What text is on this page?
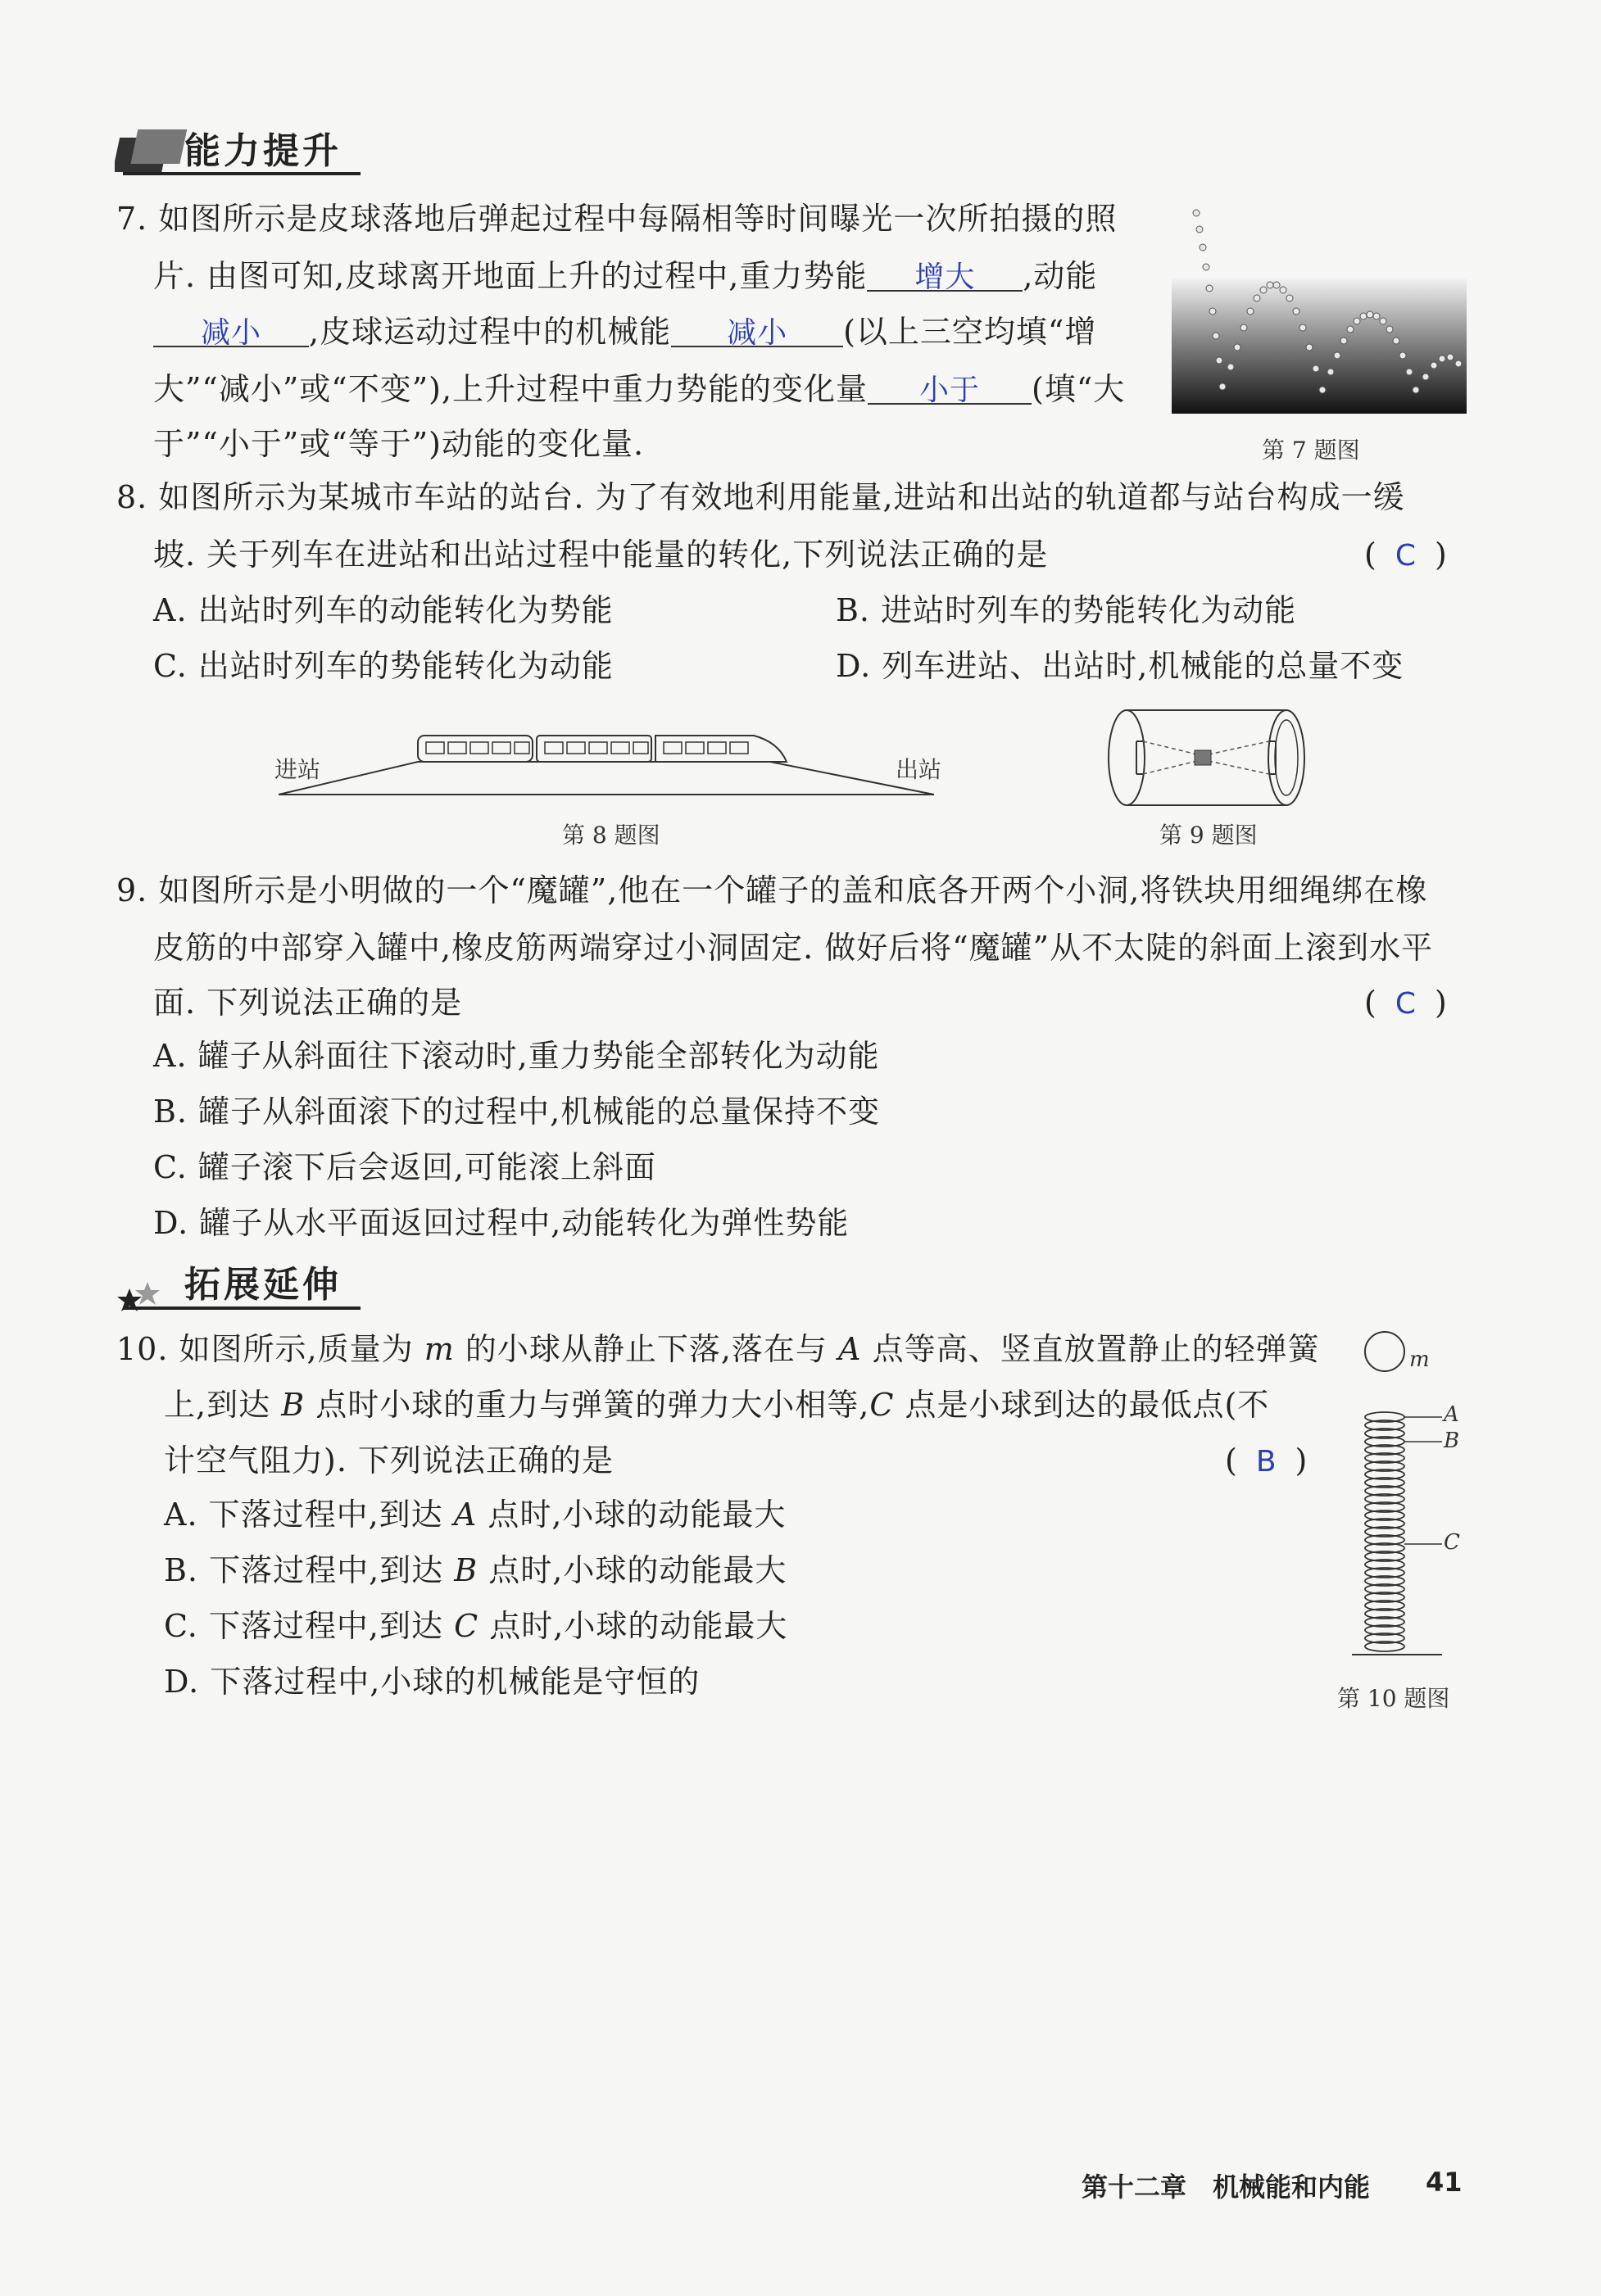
能力提升
7. 如图所示是皮球落地后弹起过程中每隔相等时间曝光一次所拍摄的照
片. 由图可知,皮球离开地面上升的过程中,重力势能 增大 ,动能
减小 ,皮球运动过程中的机械能 减小 (以上三空均填“增
大”“减小”或“不变”),上升过程中重力势能的变化量 小于 (填“大
于”“小于”或“等于”)动能的变化量.	第 7 题图
8. 如图所示为某城市车站的站台. 为了有效地利用能量,进站和出站的轨道都与站台构成一缓
坡. 关于列车在进站和出站过程中能量的转化,下列说法正确的是	( C )
A. 出站时列车的动能转化为势能	B. 进站时列车的势能转化为动能
C. 出站时列车的势能转化为动能	D. 列车进站、出站时,机械能的总量不变
进站	出站
第 8 题图	第 9 题图
9. 如图所示是小明做的一个“魔罐”,他在一个罐子的盖和底各开两个小洞,将铁块用细绳绑在橡
皮筋的中部穿入罐中,橡皮筋两端穿过小洞固定. 做好后将“魔罐”从不太陡的斜面上滚到水平
面. 下列说法正确的是	( C )
A. 罐子从斜面往下滚动时,重力势能全部转化为动能
B. 罐子从斜面滚下的过程中,机械能的总量保持不变
C. 罐子滚下后会返回,可能滚上斜面
D. 罐子从水平面返回过程中,动能转化为弹性势能
拓展延伸
10. 如图所示,质量为 m 的小球从静止下落,落在与 A 点等高、竖直放置静止的轻弹簧
上,到达 B 点时小球的重力与弹簧的弹力大小相等,C 点是小球到达的最低点(不
计空气阻力). 下列说法正确的是	( B )
A. 下落过程中,到达 A 点时,小球的动能最大
B. 下落过程中,到达 B 点时,小球的动能最大
C. 下落过程中,到达 C 点时,小球的动能最大
D. 下落过程中,小球的机械能是守恒的
m
A
B
C
第 10 题图
第十二章　机械能和内能 41
